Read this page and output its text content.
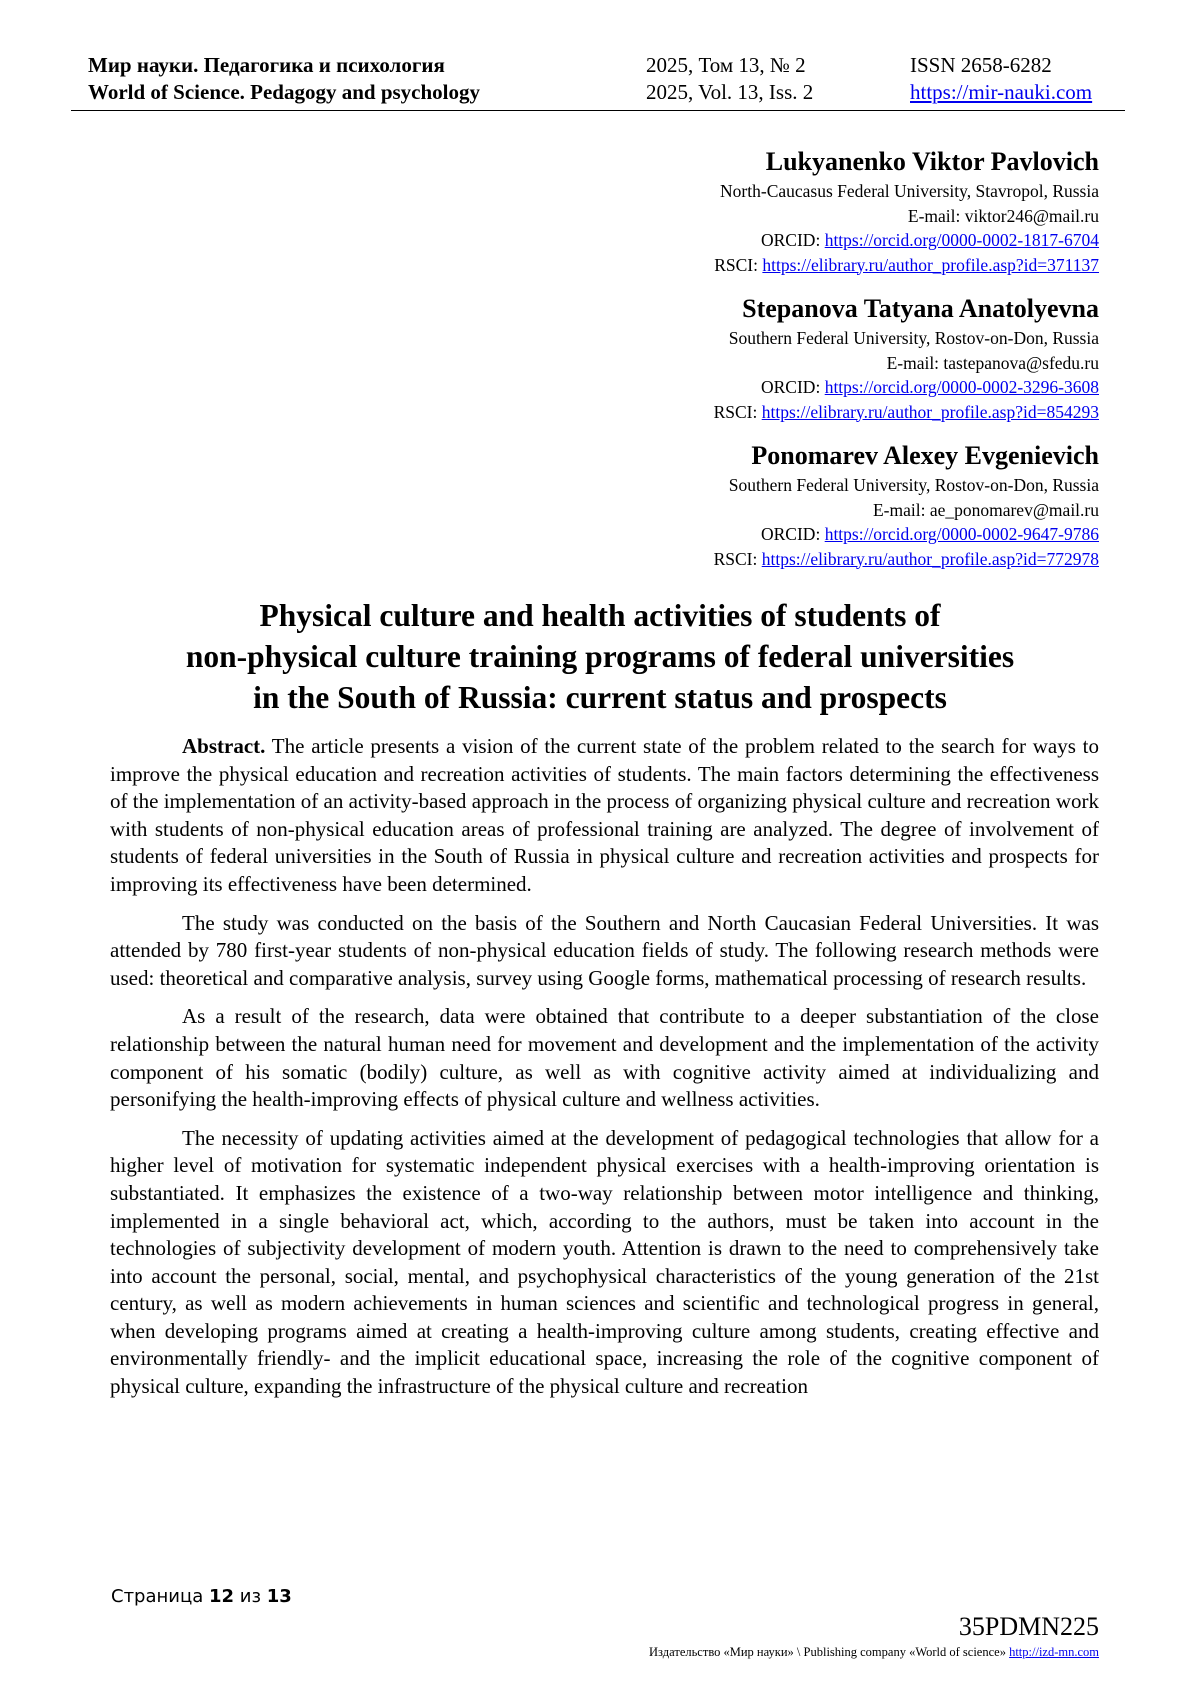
Мир науки. Педагогика и психология
World of Science. Pedagogy and psychology
2025, Том 13, № 2
2025, Vol. 13, Iss. 2
ISSN 2658-6282
https://mir-nauki.com
Lukyanenko Viktor Pavlovich
North-Caucasus Federal University, Stavropol, Russia
E-mail: viktor246@mail.ru
ORCID: https://orcid.org/0000-0002-1817-6704
RSCI: https://elibrary.ru/author_profile.asp?id=371137
Stepanova Tatyana Anatolyevna
Southern Federal University, Rostov-on-Don, Russia
E-mail: tastepanova@sfedu.ru
ORCID: https://orcid.org/0000-0002-3296-3608
RSCI: https://elibrary.ru/author_profile.asp?id=854293
Ponomarev Alexey Evgenievich
Southern Federal University, Rostov-on-Don, Russia
E-mail: ae_ponomarev@mail.ru
ORCID: https://orcid.org/0000-0002-9647-9786
RSCI: https://elibrary.ru/author_profile.asp?id=772978
Physical culture and health activities of students of
non-physical culture training programs of federal universities
in the South of Russia: current status and prospects

Abstract. The article presents a vision of the current state of the problem related to the search for ways to improve the physical education and recreation activities of students. The main factors determining the effectiveness of the implementation of an activity-based approach in the process of organizing physical culture and recreation work with students of non-physical education areas of professional training are analyzed. The degree of involvement of students of federal universities in the South of Russia in physical culture and recreation activities and prospects for improving its effectiveness have been determined.

The study was conducted on the basis of the Southern and North Caucasian Federal Universities. It was attended by 780 first-year students of non-physical education fields of study. The following research methods were used: theoretical and comparative analysis, survey using Google forms, mathematical processing of research results.

As a result of the research, data were obtained that contribute to a deeper substantiation of the close relationship between the natural human need for movement and development and the implementation of the activity component of his somatic (bodily) culture, as well as with cognitive activity aimed at individualizing and personifying the health-improving effects of physical culture and wellness activities.

The necessity of updating activities aimed at the development of pedagogical technologies that allow for a higher level of motivation for systematic independent physical exercises with a health-improving orientation is substantiated. It emphasizes the existence of a two-way relationship between motor intelligence and thinking, implemented in a single behavioral act, which, according to the authors, must be taken into account in the technologies of subjectivity development of modern youth. Attention is drawn to the need to comprehensively take into account the personal, social, mental, and psychophysical characteristics of the young generation of the 21st century, as well as modern achievements in human sciences and scientific and technological progress in general, when developing programs aimed at creating a health-improving culture among students, creating effective and environmentally friendly- and the implicit educational space, increasing the role of the cognitive component of physical culture, expanding the infrastructure of the physical culture and recreation

Страница 12 из 13
35PDMN225
Издательство «Мир науки» \ Publishing company «World of science» http://izd-mn.com
